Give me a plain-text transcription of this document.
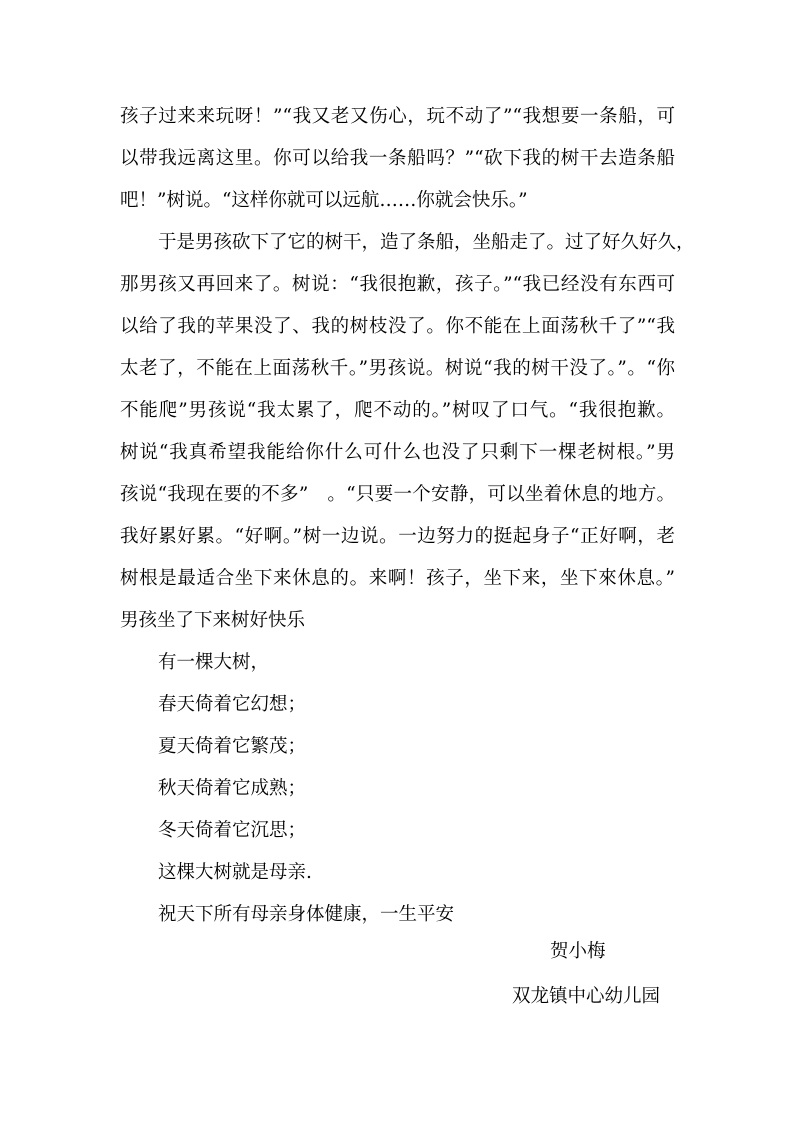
孩子过来来玩呀！”“我又老又伤心，玩不动了”“我想要一条船，可
以带我远离这里。你可以给我一条船吗？”“砍下我的树干去造条船
吧！”树说。“这样你就可以远航……你就会快乐。”
于是男孩砍下了它的树干，造了条船，坐船走了。过了好久好久，
那男孩又再回来了。树说：“我很抱歉，孩子。”“我已经没有东西可
以给了我的苹果没了、我的树枝没了。你不能在上面荡秋千了”“我
太老了，不能在上面荡秋千。”男孩说。树说“我的树干没了。”。“你
不能爬”男孩说“我太累了，爬不动的。”树叹了口气。“我很抱歉。
树说“我真希望我能给你什么可什么也没了只剩下一棵老树根。”男
孩说“我现在要的不多”　。“只要一个安静，可以坐着休息的地方。
我好累好累。“好啊。”树一边说。一边努力的挺起身子“正好啊，老
树根是最适合坐下来休息的。来啊！孩子，坐下来，坐下來休息。”
男孩坐了下来树好快乐
有一棵大树，
春天倚着它幻想；
夏天倚着它繁茂；
秋天倚着它成熟；
冬天倚着它沉思；
这棵大树就是母亲.
祝天下所有母亲身体健康，一生平安
贺小梅
双龙镇中心幼儿园
